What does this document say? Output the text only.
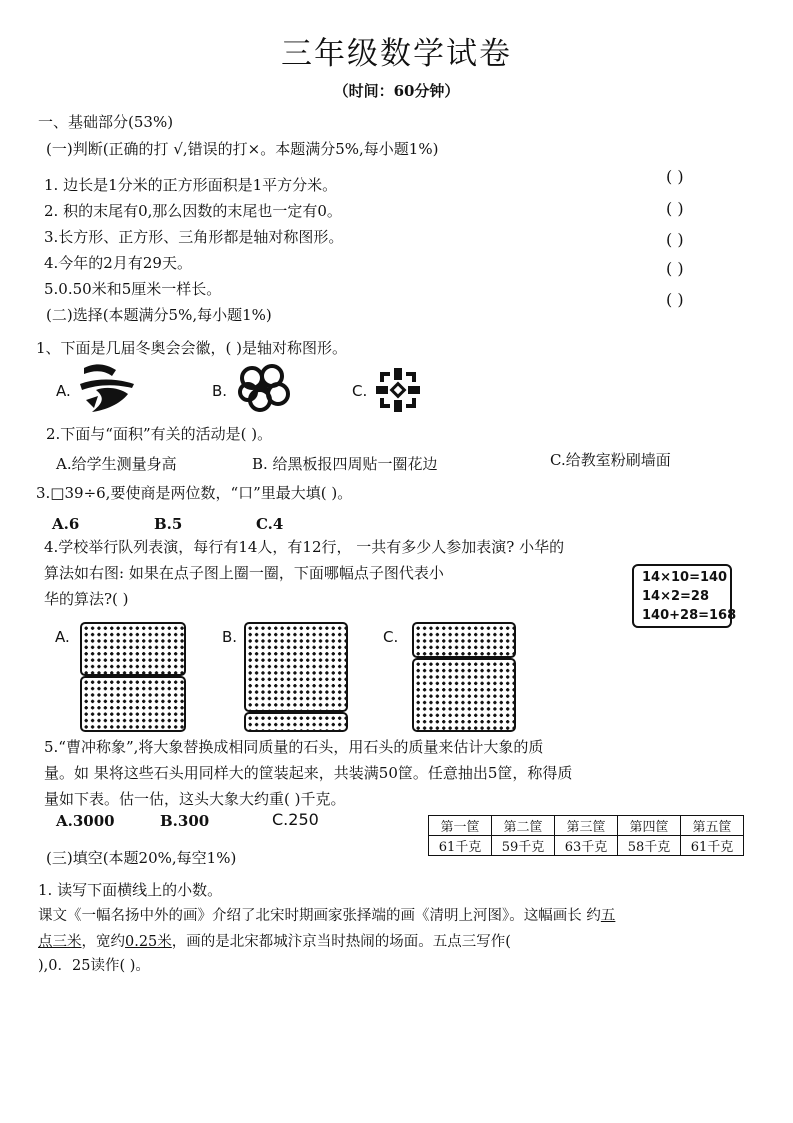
三年级数学试卷
（时间：60分钟）
一、基础部分(53%)
(一)判断(正确的打 √,错误的打×。本题满分5%,每小题1%)
1. 边长是1分米的正方形面积是1平方分米。
2. 积的末尾有0,那么因数的末尾也一定有0。
3.长方形、正方形、三角形都是轴对称图形。
4.今年的2月有29天。
5.0.50米和5厘米一样长。
( )
( )
( )
( )
( )
(二)选择(本题满分5%,每小题1%)
1、下面是几届冬奥会会徽，( )是轴对称图形。
A.	B.	C.
2.下面与“面积”有关的活动是( )。
A.给学生测量身高	B. 给黑板报四周贴一圈花边	C.给教室粉刷墙面
3.□39÷6,要使商是两位数，“口”里最大填( )。
A.6	B.5	C.4
4.学校举行队列表演，每行有14人，有12行， 一共有多少人参加表演? 小华的
算法如右图: 如果在点子图上圈一圈，下面哪幅点子图代表小
华的算法?( )
14×10=140
14×2=28
140+28=168
A.	B.	C.
5.“曹冲称象”,将大象替换成相同质量的石头，用石头的质量来估计大象的质
量。如 果将这些石头用同样大的筐装起来，共装满50筐。任意抽出5筐，称得质
量如下表。估一估，这头大象大约重( )千克。
A.3000	B.300	C.250	第一筐	第二筐	第三筐	第四筐	第五筐
61千克	59千克	63千克	58千克	61千克
(三)填空(本题20%,每空1%)
1. 读写下面横线上的小数。
课文《一幅名扬中外的画》介绍了北宋时期画家张择端的画《清明上河图》。这幅画长 约五
点三米，宽约0.25米，画的是北宋都城汴京当时热闹的场面。五点三写作(
),0．25读作( )。
